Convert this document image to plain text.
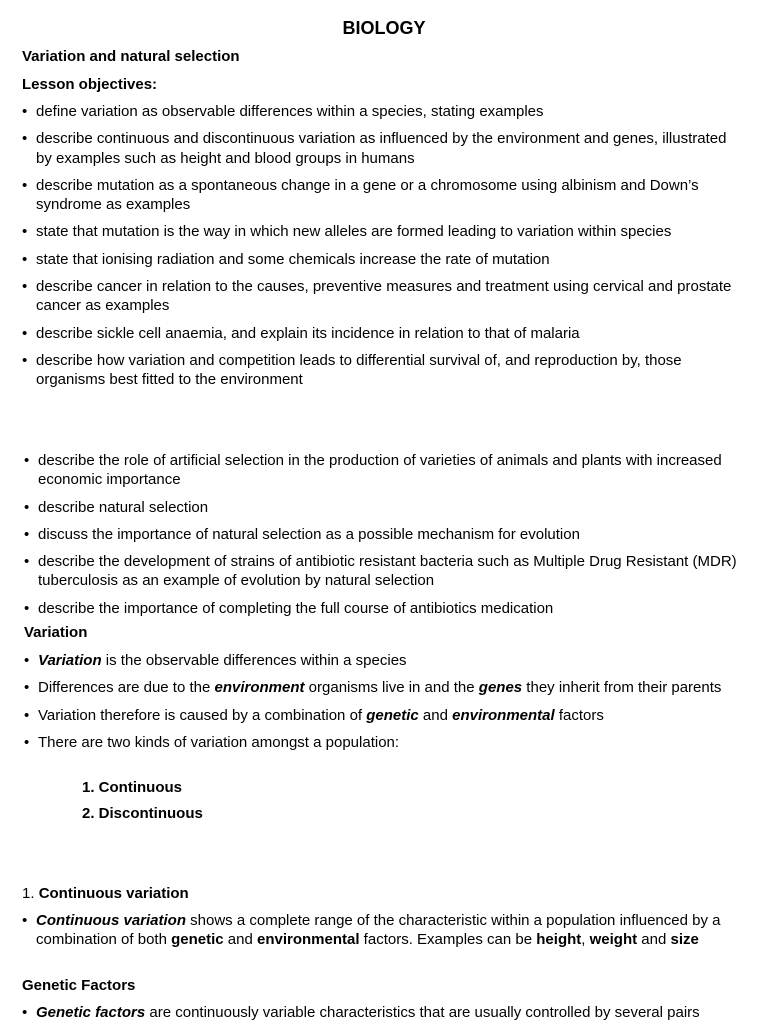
BIOLOGY
Variation and natural selection
Lesson objectives:
• define variation as observable differences within a species, stating examples
• describe continuous and discontinuous variation as influenced by the environment and genes, illustrated by examples such as height and blood groups in humans
• describe mutation as a spontaneous change in a gene or a chromosome using albinism and Down’s syndrome as examples
• state that mutation is the way in which new alleles are formed leading to variation within species
• state that ionising radiation and some chemicals increase the rate of mutation
• describe cancer in relation to the causes, preventive measures and treatment using cervical and prostate cancer as examples
• describe sickle cell anaemia, and explain its incidence in relation to that of malaria
• describe how variation and competition leads to differential survival of, and reproduction by, those organisms best fitted to the environment
• describe the role of artificial selection in the production of varieties of animals and plants with increased economic importance
• describe natural selection
• discuss the importance of natural selection as a possible mechanism for evolution
• describe the development of strains of antibiotic resistant bacteria such as Multiple Drug Resistant (MDR) tuberculosis as an example of evolution by natural selection
• describe the importance of completing the full course of antibiotics medication
Variation
• Variation is the observable differences within a species
• Differences are due to the environment organisms live in and the genes they inherit from their parents
• Variation therefore is caused by a combination of genetic and environmental factors
• There are two kinds of variation amongst a population:
1. Continuous
2. Discontinuous
1. Continuous variation
• Continuous variation shows a complete range of the characteristic within a population influenced by a combination of both genetic and environmental factors. Examples can be height, weight and size
Genetic Factors
• Genetic factors are continuously variable characteristics that are usually controlled by several pairs
